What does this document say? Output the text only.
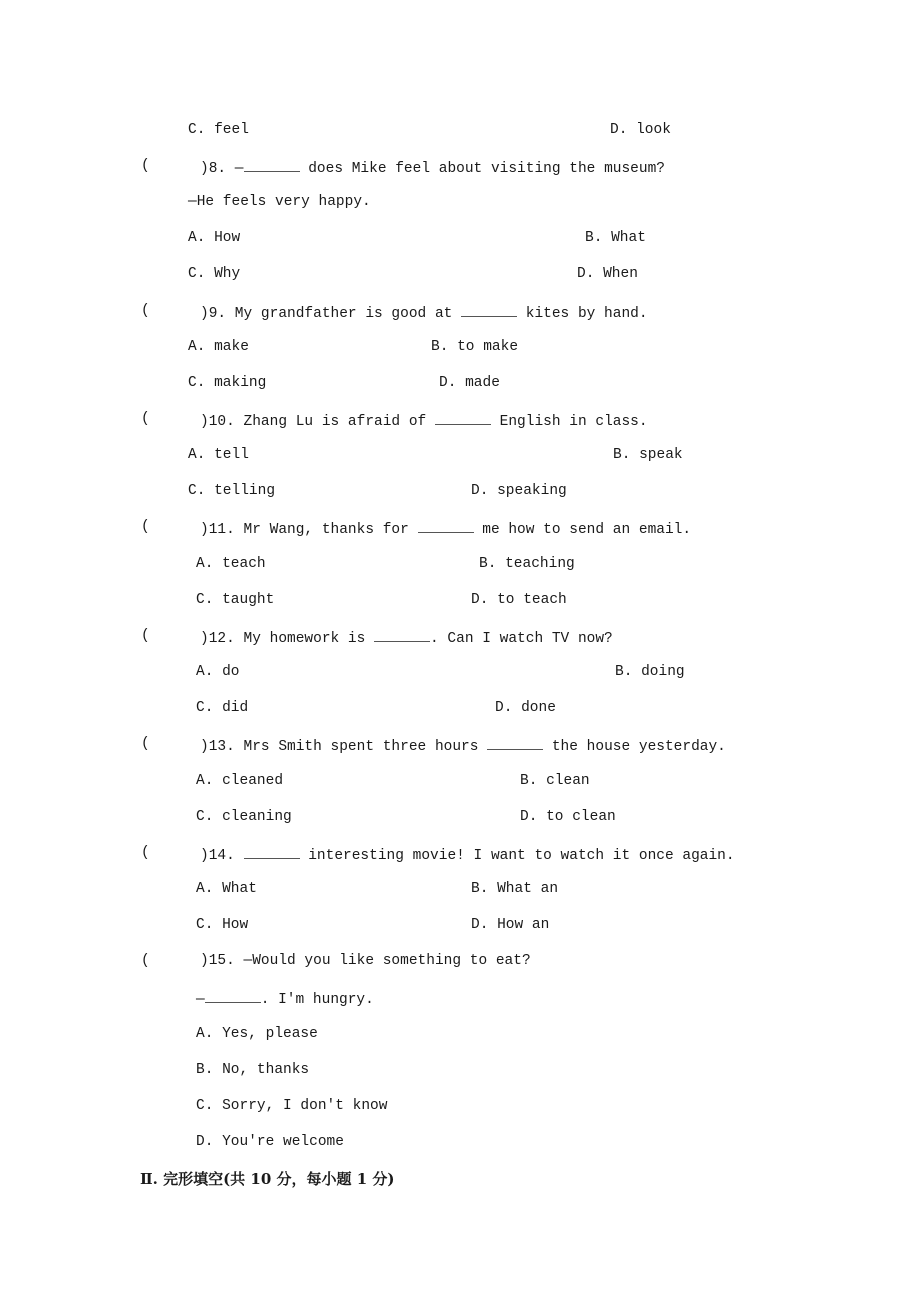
C. feel	D. look
(	)8. —	does Mike feel about visiting the museum?
—He feels very happy.
A. How	B. What
C. Why	D. When
(	)9. My grandfather is good at	kites by hand.
A. make	B. to make
C. making	D. made
(	)10. Zhang Lu is afraid of	English in class.
A. tell	B. speak
C. telling	D. speaking
(	)11. Mr Wang, thanks for	me how to send an email.
A. teach	B. teaching
C. taught	D. to teach
(	)12. My homework is	. Can I watch TV now?
A. do	B. doing
C. did	D. done
(	)13. Mrs Smith spent three hours	the house yesterday.
A. cleaned	B. clean
C. cleaning	D. to clean
(	)14.	interesting movie! I want to watch it once again.
A. What	B. What an
C. How	D. How an
(	)15. —Would you like something to eat?
—	. I'm hungry.
A. Yes, please
B. No, thanks
C. Sorry, I don't know
D. You're welcome
Ⅱ. 完形填空(共 10 分，每小题 1 分)
